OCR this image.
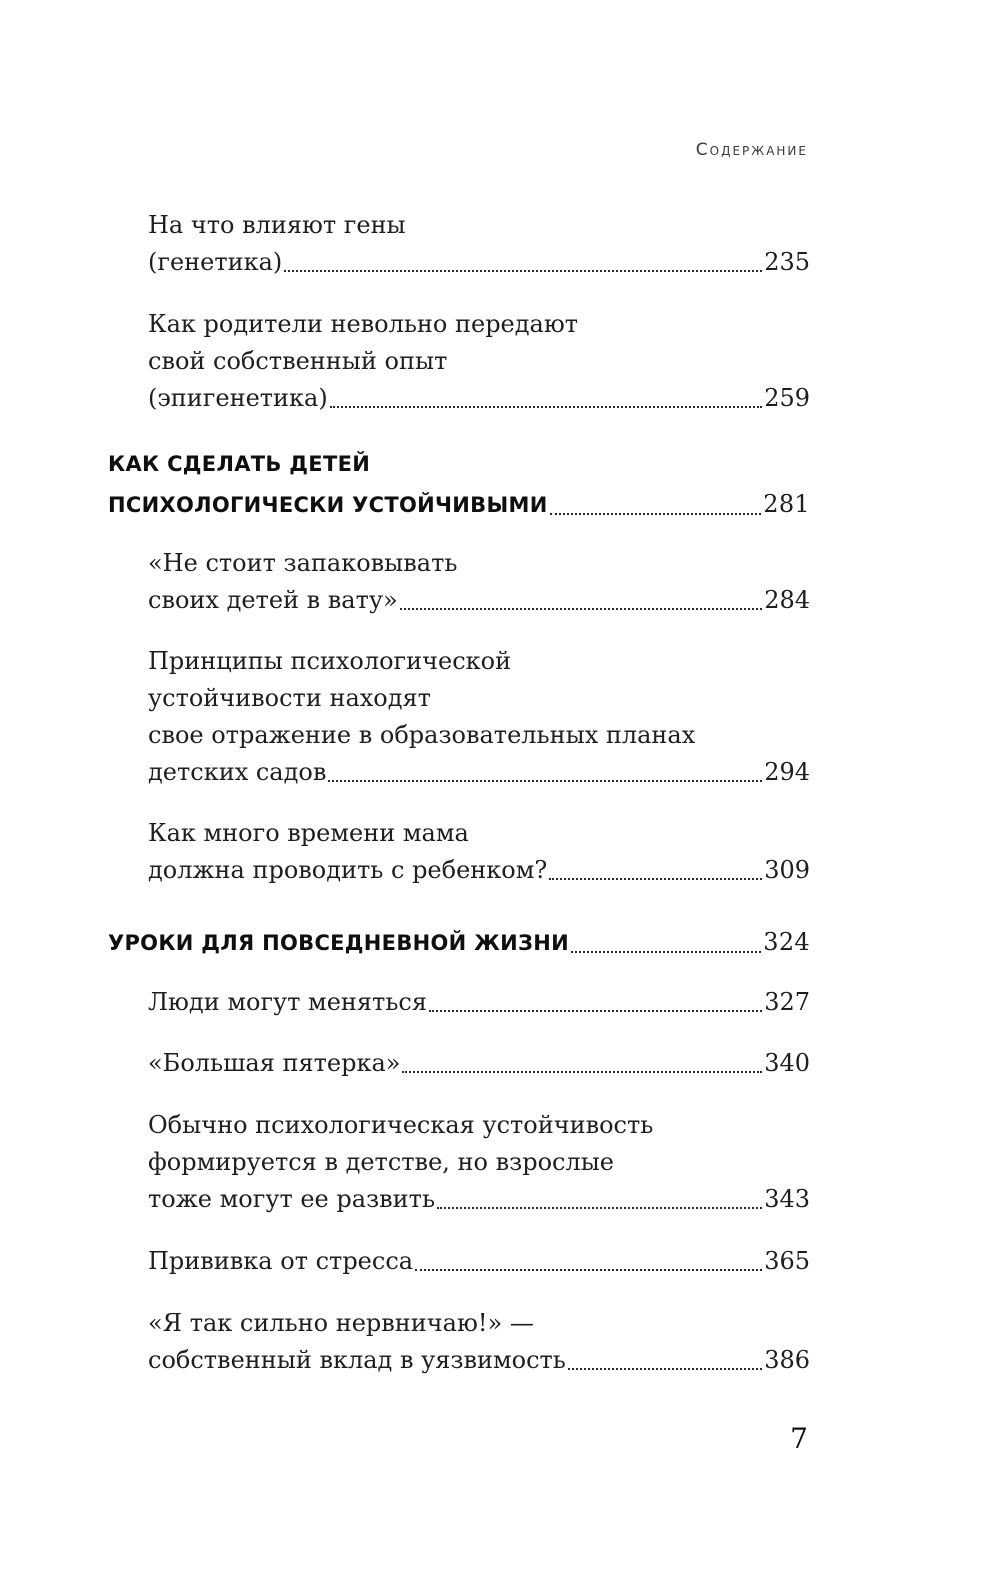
Содержание
На что влияют гены
(генетика)	235
Как родители невольно передают
свой собственный опыт
(эпигенетика)	259
КАК СДЕЛАТЬ ДЕТЕЙ
ПСИХОЛОГИЧЕСКИ УСТОЙЧИВЫМИ	281
«Не стоит запаковывать
своих детей в вату»	284
Принципы психологической
устойчивости находят
свое отражение в образовательных планах
детских садов	294
Как много времени мама
должна проводить с ребенком?	309
УРОКИ ДЛЯ ПОВСЕДНЕВНОЙ ЖИЗНИ	324
Люди могут меняться	327
«Большая пятерка»	340
Обычно психологическая устойчивость
формируется в детстве, но взрослые
тоже могут ее развить	343
Прививка от стресса	365
«Я так сильно нервничаю!» —
собственный вклад в уязвимость	386
7
